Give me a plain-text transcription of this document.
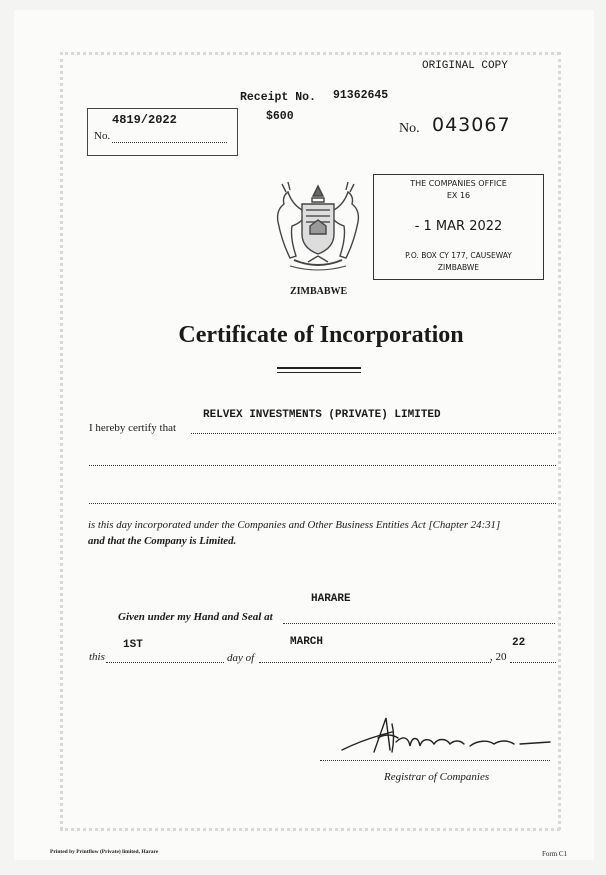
ORIGINAL COPY
Receipt No. 91362645
$600
4819/2022
No.	No. 043067
THE COMPANIES OFFICE
EX 16
- 1 MAR 2022
P.O. BOX CY 177, CAUSEWAY
ZIMBABWE
ZIMBABWE
Certificate of Incorporation
RELVEX INVESTMENTS (PRIVATE) LIMITED
I hereby certify that
is this day incorporated under the Companies and Other Business Entities Act [Chapter 24:31]
and that the Company is Limited.
HARARE
Given under my Hand and Seal at
1ST	MARCH	22
this	day of	, 20
Registrar of Companies
Printed by Printflow (Private) limited, Harare	Form C1
